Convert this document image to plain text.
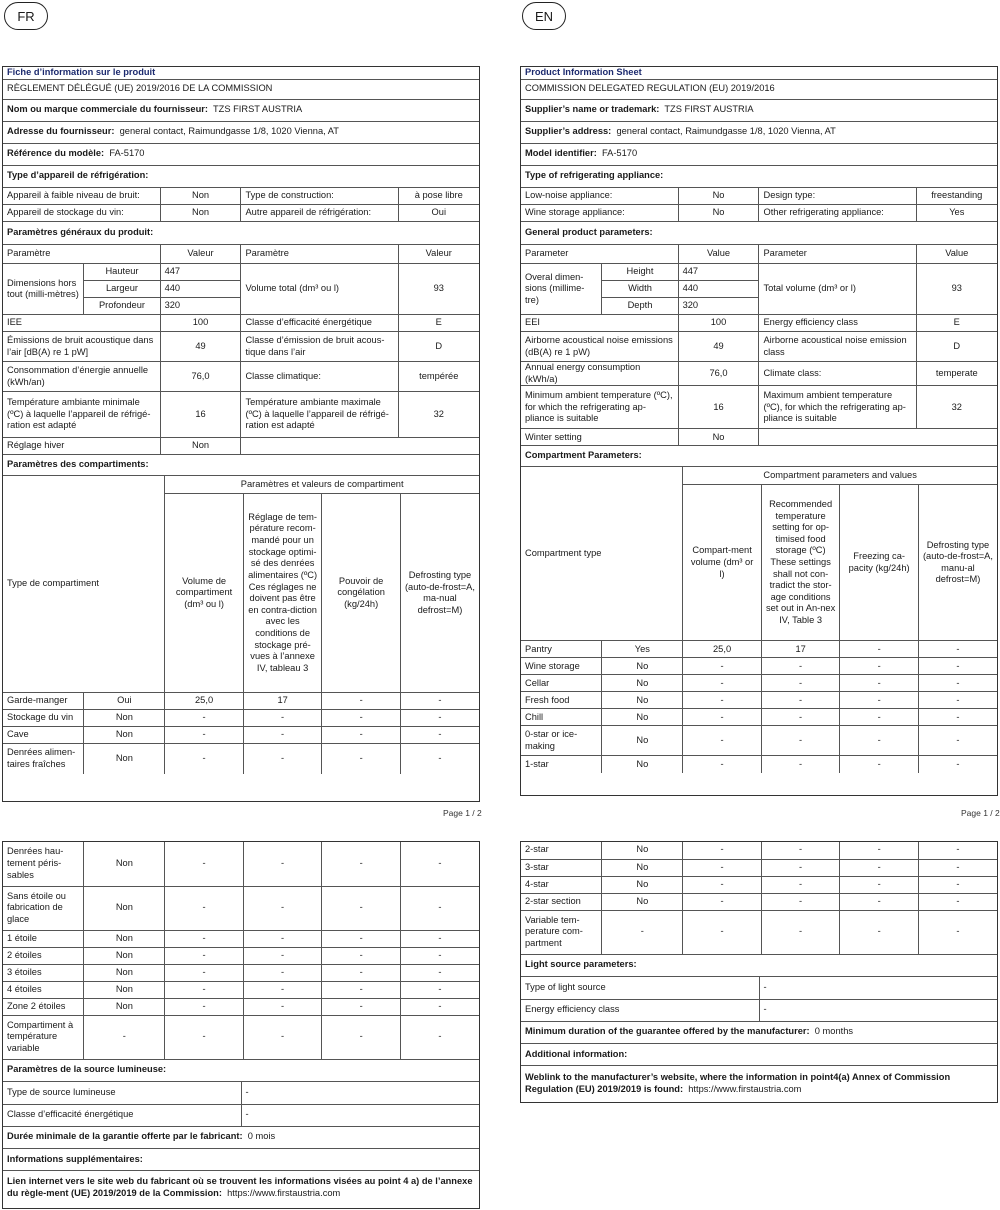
FR	EN
Fiche d’information sur le produit
RÈGLEMENT DÉLÉGUÉ (UE) 2019/2016 DE LA COMMISSION
Nom ou marque commerciale du fournisseur: TZS FIRST AUSTRIA
Adresse du fournisseur: general contact, Raimundgasse 1/8, 1020 Vienna, AT
Référence du modèle: FA-5170
Type d’appareil de réfrigération:
Appareil à faible niveau de bruit:	Non	Type de construction:	à pose libre
Appareil de stockage du vin:	Non	Autre appareil de réfrigération:	Oui
Paramètres généraux du produit:
Paramètre		Valeur	Paramètre	Valeur
Dimensions hors tout (milli-mètres)	Hauteur	447	Volume total (dm³ ou l)	93
	Largeur	440		
	Profondeur	320		
IEE		100	Classe d’efficacité énergétique	E
Émissions de bruit acoustique dans l’air [dB(A) re 1 pW]		49	Classe d’émission de bruit acous-tique dans l’air	D
Consommation d’énergie annuelle (kWh/an)		76,0	Classe climatique:	tempérée
Température ambiante minimale (ºC) à laquelle l’appareil de réfrigé-ration est adapté		16	Température ambiante maximale (ºC) à laquelle l’appareil de réfrigé-ration est adapté	32
Réglage hiver		Non		
Paramètres des compartiments:
Type de compartiment		Paramètres et valeurs de compartiment			
		Volume de compartiment (dm³ ou l)	Réglage de tem-pérature recom-mandé pour un stockage optimi-sé des denrées alimentaires (ºC) Ces réglages ne doivent pas être en contra-diction avec les conditions de stockage pré-vues à l’annexe IV, tableau 3	Pouvoir de congélation (kg/24h)	Defrosting type (auto-de-frost=A, ma-nual defrost=M)
Garde-manger	Oui	25,0	17	-	-
Stockage du vin	Non	-	-	-	-
Cave	Non	-	-	-	-
Denrées alimen-taires fraîches	Non	-	-	-	-
Page 1 / 2
Product Information Sheet
COMMISSION DELEGATED REGULATION (EU) 2019/2016
Supplier’s name or trademark: TZS FIRST AUSTRIA
Supplier’s address: general contact, Raimundgasse 1/8, 1020 Vienna, AT
Model identifier: FA-5170
Type of refrigerating appliance:
Low-noise appliance:	No	Design type:	freestanding
Wine storage appliance:	No	Other refrigerating appliance:	Yes
General product parameters:
Parameter		Value	Parameter	Value
Overal dimen-sions (millime-tre)	Height	447	Total volume (dm³ or l)	93
	Width	440		
	Depth	320		
EEI		100	Energy efficiency class	E
Airborne acoustical noise emissions (dB(A) re 1 pW)		49	Airborne acoustical noise emission class	D
Annual energy consumption (kWh/a)		76,0	Climate class:	temperate
Minimum ambient temperature (ºC), for which the refrigerating ap-pliance is suitable		16	Maximum ambient temperature (ºC), for which the refrigerating ap-pliance is suitable	32
Winter setting		No		
Compartment Parameters:
Compartment type		Compartment parameters and values			
		Compart-ment volume (dm³ or l)	Recommended temperature setting for op-timised food storage (ºC) These settings shall not con-tradict the stor-age conditions set out in An-nex IV, Table 3	Freezing ca-pacity (kg/24h)	Defrosting type (auto-de-frost=A, manu-al defrost=M)
Pantry	Yes	25,0	17	-	-
Wine storage	No	-	-	-	-
Cellar	No	-	-	-	-
Fresh food	No	-	-	-	-
Chill	No	-	-	-	-
0-star or ice-making	No	-	-	-	-
1-star	No	-	-	-	-
Page 1 / 2
Denrées hau-tement péris-sables	Non	-	-	-	-
Sans étoile ou fabrication de glace	Non	-	-	-	-
1 étoile	Non	-	-	-	-
2 étoiles	Non	-	-	-	-
3 étoiles	Non	-	-	-	-
4 étoiles	Non	-	-	-	-
Zone 2 étoiles	Non	-	-	-	-
Compartiment à température variable	-	-	-	-	-
Paramètres de la source lumineuse:
Type de source lumineuse	-
Classe d’efficacité énergétique	-
Durée minimale de la garantie offerte par le fabricant: 0 mois
Informations supplémentaires:
Lien internet vers le site web du fabricant où se trouvent les informations visées au point 4 a) de l’annexe du règle-ment (UE) 2019/2019 de la Commission: https://www.firstaustria.com
2-star	No	-	-	-	-
3-star	No	-	-	-	-
4-star	No	-	-	-	-
2-star section	No	-	-	-	-
Variable tem-perature com-partment	-	-	-	-	-
Light source parameters:
Type of light source	-
Energy efficiency class	-
Minimum duration of the guarantee offered by the manufacturer: 0 months
Additional information:
Weblink to the manufacturer’s website, where the information in point4(a) Annex of Commission Regulation (EU) 2019/2019 is found: https://www.firstaustria.com
